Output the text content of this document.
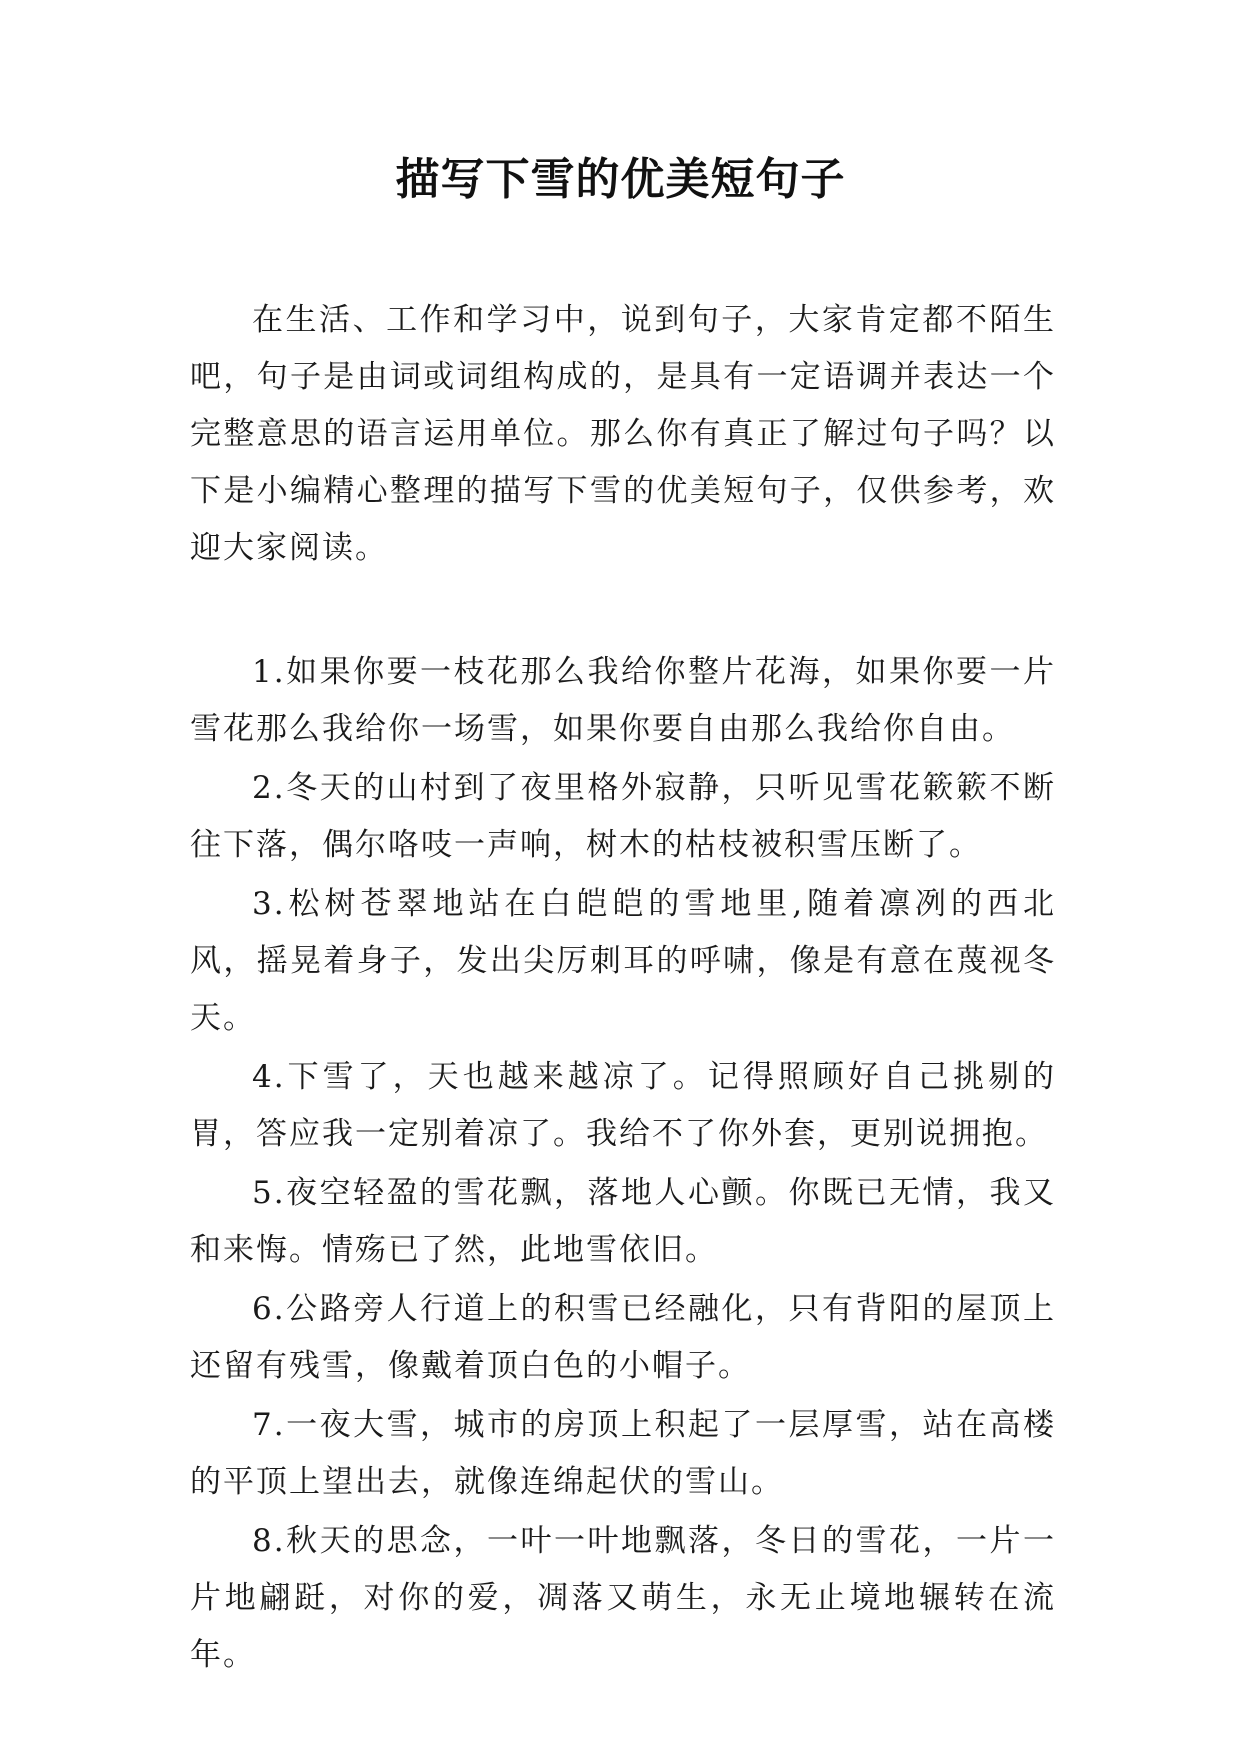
描写下雪的优美短句子

在生活、工作和学习中，说到句子，大家肯定都不陌生吧，句子是由词或词组构成的，是具有一定语调并表达一个完整意思的语言运用单位。那么你有真正了解过句子吗？以下是小编精心整理的描写下雪的优美短句子，仅供参考，欢迎大家阅读。

1.如果你要一枝花那么我给你整片花海，如果你要一片雪花那么我给你一场雪，如果你要自由那么我给你自由。

2.冬天的山村到了夜里格外寂静，只听见雪花簌簌不断往下落，偶尔咯吱一声响，树木的枯枝被积雪压断了。

3.松树苍翠地站在白皑皑的雪地里,随着凛冽的西北风，摇晃着身子，发出尖厉刺耳的呼啸，像是有意在蔑视冬天。

4.下雪了，天也越来越凉了。记得照顾好自己挑剔的胃，答应我一定别着凉了。我给不了你外套，更别说拥抱。

5.夜空轻盈的雪花飘，落地人心颤。你既已无情，我又和来悔。情殇已了然，此地雪依旧。

6.公路旁人行道上的积雪已经融化，只有背阳的屋顶上还留有残雪，像戴着顶白色的小帽子。

7.一夜大雪，城市的房顶上积起了一层厚雪，站在高楼的平顶上望出去，就像连绵起伏的雪山。

8.秋天的思念，一叶一叶地飘落，冬日的雪花，一片一片地翩跹，对你的爱，凋落又萌生，永无止境地辗转在流年。
